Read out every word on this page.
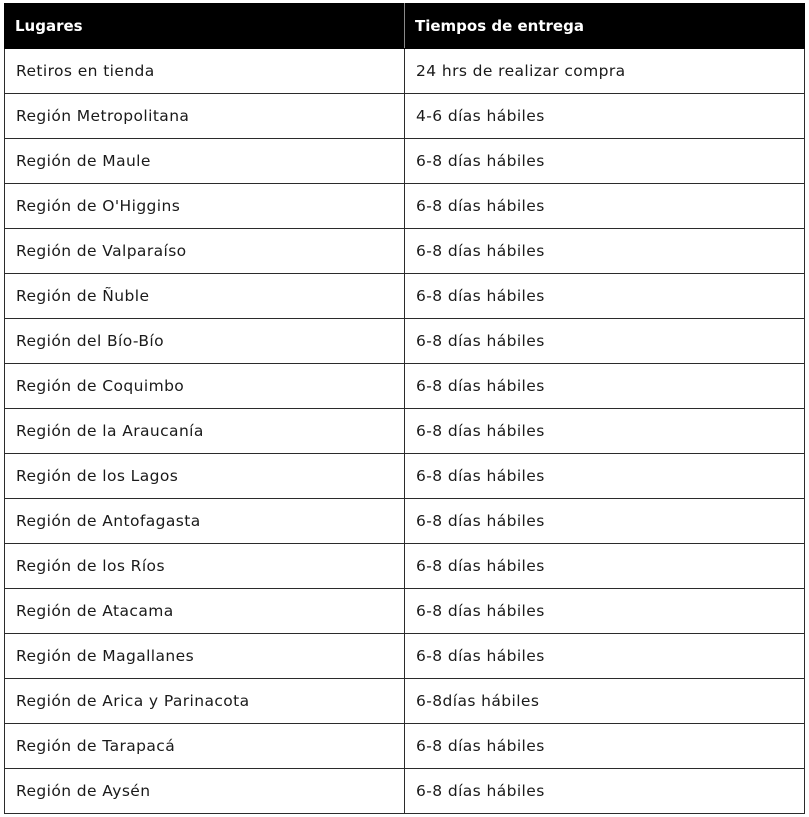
Lugares	Tiempos de entrega
Retiros en tienda	24 hrs de realizar compra
Región Metropolitana	4-6 días hábiles
Región de Maule	6-8 días hábiles
Región de O'Higgins	6-8 días hábiles
Región de Valparaíso	6-8 días hábiles
Región de Ñuble	6-8 días hábiles
Región del Bío-Bío	6-8 días hábiles
Región de Coquimbo	6-8 días hábiles
Región de la Araucanía	6-8 días hábiles
Región de los Lagos	6-8 días hábiles
Región de Antofagasta	6-8 días hábiles
Región de los Ríos	6-8 días hábiles
Región de Atacama	6-8 días hábiles
Región de Magallanes	6-8 días hábiles
Región de Arica y Parinacota	6-8días hábiles
Región de Tarapacá	6-8 días hábiles
Región de Aysén	6-8 días hábiles
